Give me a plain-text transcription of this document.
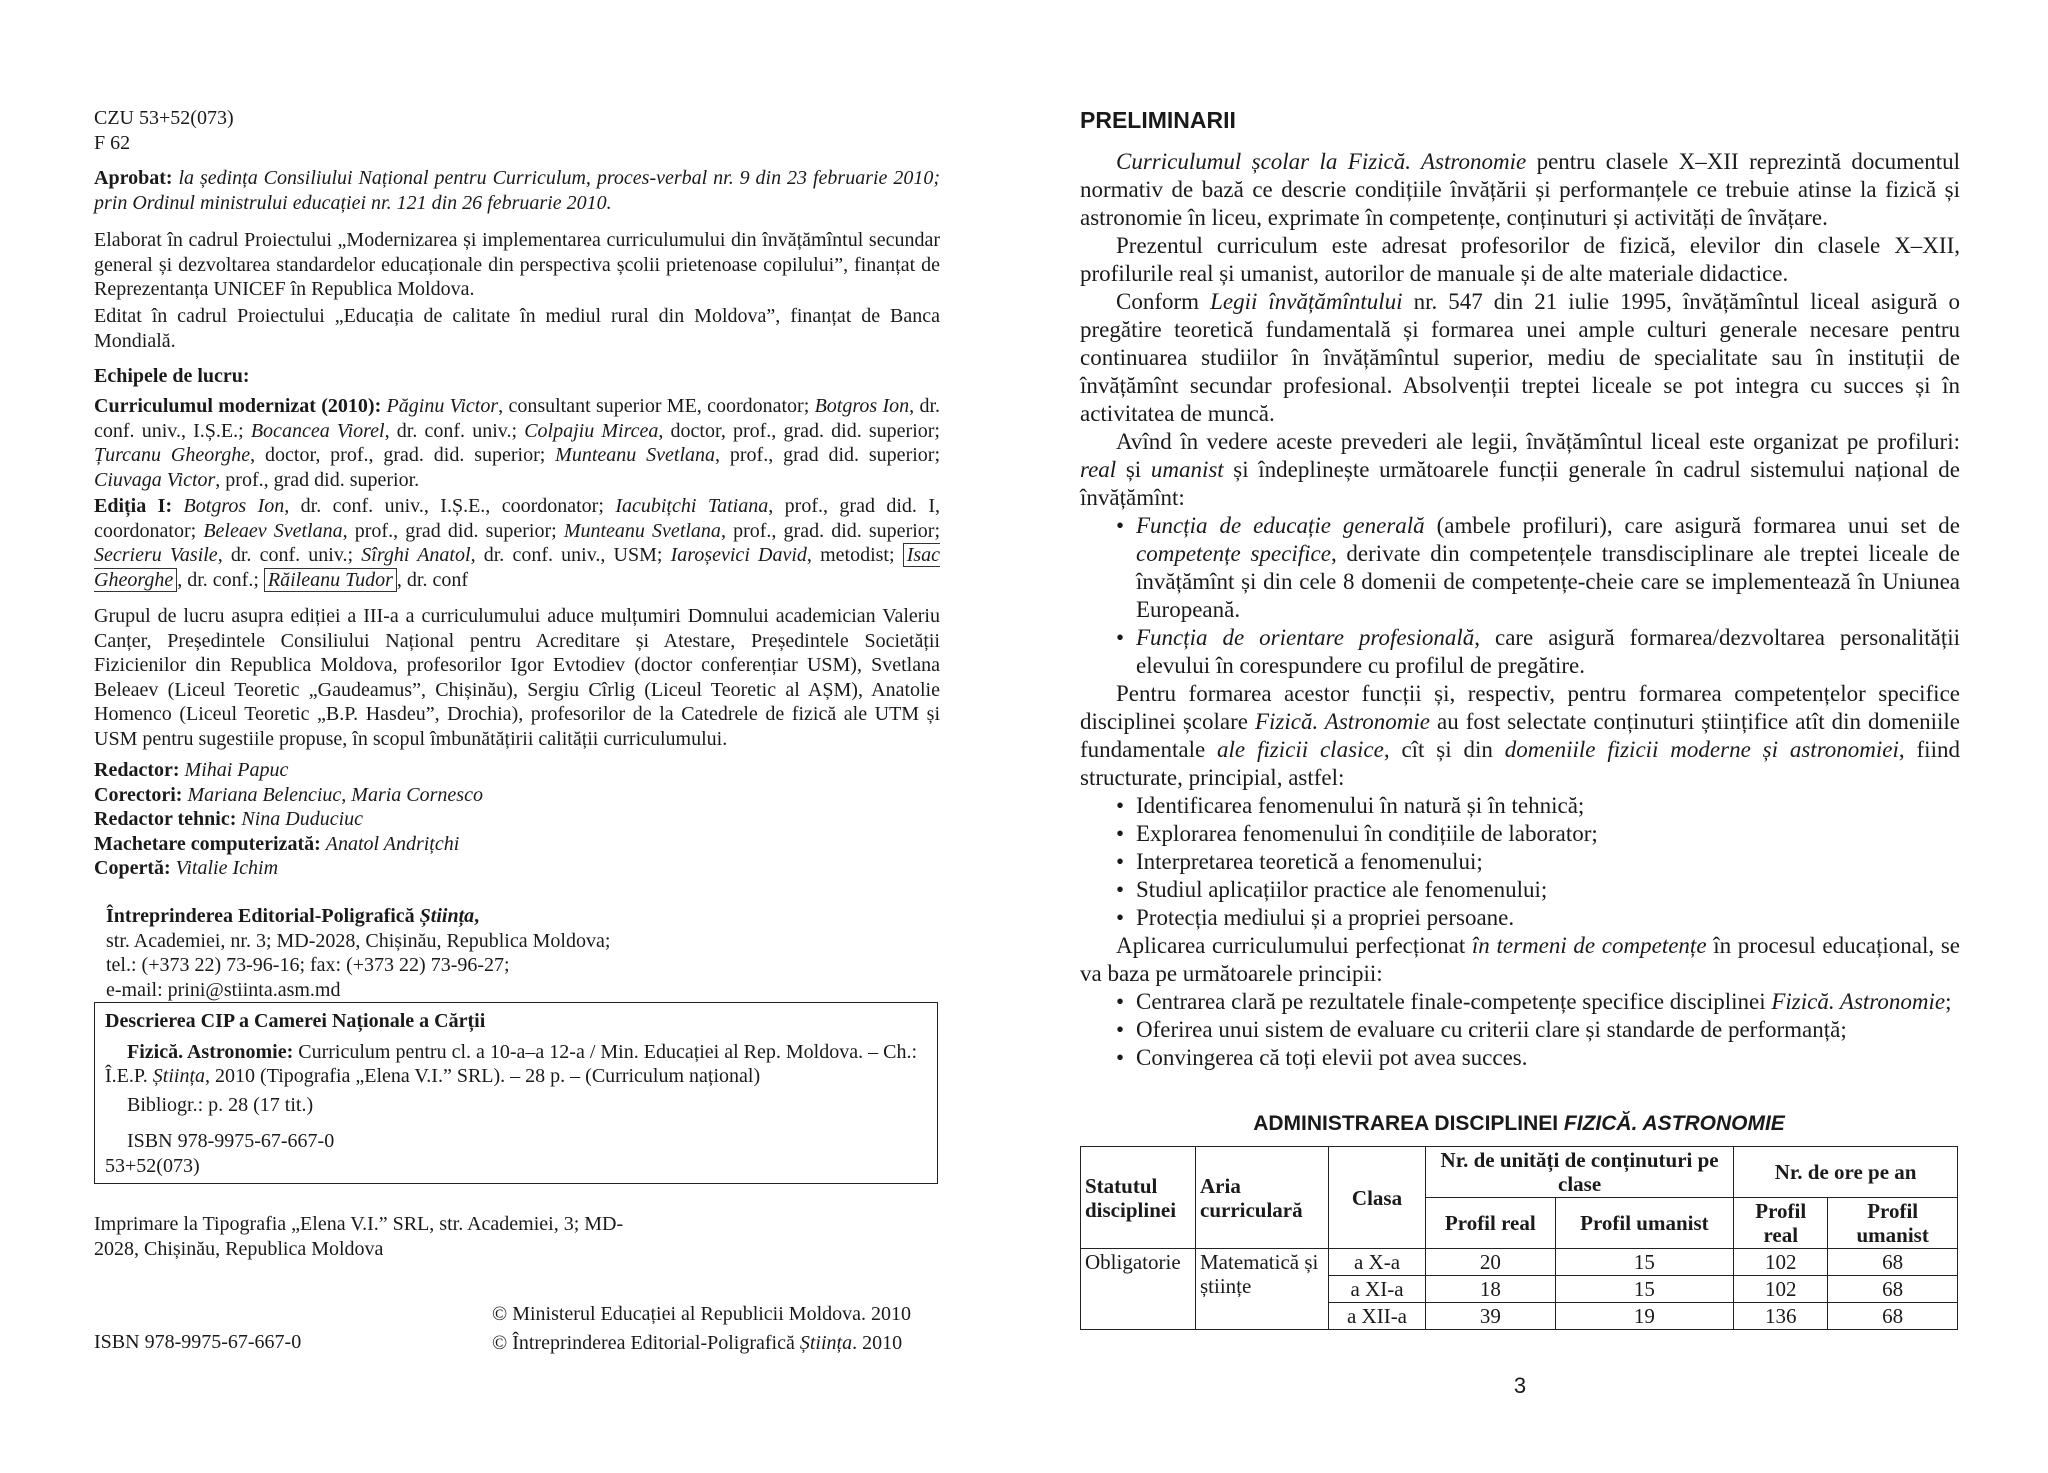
CZU 53+52(073)
F 62

Aprobat: la ședința Consiliului Național pentru Curriculum, proces-verbal nr. 9 din 23 februarie 2010; prin Ordinul ministrului educației nr. 121 din 26 februarie 2010.

Elaborat în cadrul Proiectului „Modernizarea și implementarea curriculumului din învățămîntul secundar general și dezvoltarea standardelor educaționale din perspectiva școlii prietenoase copilului”, finanțat de Reprezentanța UNICEF în Republica Moldova.

Editat în cadrul Proiectului „Educația de calitate în mediul rural din Moldova”, finanțat de Banca Mondială.

Echipele de lucru:

Curriculumul modernizat (2010): Păginu Victor, consultant superior ME, coordonator; Botgros Ion, dr. conf. univ., I.Ș.E.; Bocancea Viorel, dr. conf. univ.; Colpajiu Mircea, doctor, prof., grad. did. superior; Țurcanu Gheorghe, doctor, prof., grad. did. superior; Munteanu Svetlana, prof., grad did. superior; Ciuvaga Victor, prof., grad did. superior.

Ediția I: Botgros Ion, dr. conf. univ., I.Ș.E., coordonator; Iacubițchi Tatiana, prof., grad did. I, coordonator; Beleaev Svetlana, prof., grad did. superior; Munteanu Svetlana, prof., grad. did. superior; Secrieru Vasile, dr. conf. univ.; Sîrghi Anatol, dr. conf. univ., USM; Iaroșevici David, metodist; Isac Gheorghe , dr. conf.; Răileanu Tudor , dr. conf

Grupul de lucru asupra ediției a III-a a curriculumului aduce mulțumiri Domnului academician Valeriu Canțer, Președintele Consiliului Național pentru Acreditare și Atestare, Președintele Societății Fizicienilor din Republica Moldova, profesorilor Igor Evtodiev (doctor conferențiar USM), Svetlana Beleaev (Liceul Teoretic „Gaudeamus”, Chișinău), Sergiu Cîrlig (Liceul Teoretic al AȘM), Anatolie Homenco (Liceul Teoretic „B.P. Hasdeu”, Drochia), profesorilor de la Catedrele de fizică ale UTM și USM pentru sugestiile propuse, în scopul îmbunătățirii calității curriculumului.

Redactor: Mihai Papuc
Corectori: Mariana Belenciuc, Maria Cornesco
Redactor tehnic: Nina Duduciuc
Machetare computerizată: Anatol Andrițchi
Copertă: Vitalie Ichim
Întreprinderea Editorial-Poligrafică Știința,
str. Academiei, nr. 3; MD-2028, Chișinău, Republica Moldova;
tel.: (+373 22) 73-96-16; fax: (+373 22) 73-96-27;
e-mail: prini@stiinta.asm.md
Descrierea CIP a Camerei Naționale a Cărții

Fizică. Astronomie: Curriculum pentru cl. a 10-a–a 12-a / Min. Educației al Rep. Moldova. – Ch.: Î.E.P. Știința, 2010 (Tipografia „Elena V.I.” SRL). – 28 p. – (Curriculum național)

Bibliogr.: p. 28 (17 tit.)
ISBN 978-9975-67-667-0
53+52(073)

Imprimare la Tipografia „Elena V.I.” SRL, str. Academiei, 3; MD-2028, Chișinău, Republica Moldova

© Ministerul Educației al Republicii Moldova. 2010
© Întreprinderea Editorial-Poligrafică Știința. 2010
ISBN 978-9975-67-667-0
PRELIMINARII

Curriculumul școlar la Fizică. Astronomie pentru clasele X–XII reprezintă documentul normativ de bază ce descrie condițiile învățării și performanțele ce trebuie atinse la fizică și astronomie în liceu, exprimate în competențe, conținuturi și activități de învățare.

Prezentul curriculum este adresat profesorilor de fizică, elevilor din clasele X–XII, profilurile real și umanist, autorilor de manuale și de alte materiale didactice.

Conform Legii învățămîntului nr. 547 din 21 iulie 1995, învățămîntul liceal asigură o pregătire teoretică fundamentală și formarea unei ample culturi generale necesare pentru continuarea studiilor în învățămîntul superior, mediu de specialitate sau în instituții de învățămînt secundar profesional. Absolvenții treptei liceale se pot integra cu succes și în activitatea de muncă.

Avînd în vedere aceste prevederi ale legii, învățămîntul liceal este organizat pe profiluri: real și umanist și îndeplinește următoarele funcții generale în cadrul sistemului național de învățămînt:

• Funcția de educație generală (ambele profiluri), care asigură formarea unui set de competențe specifice, derivate din competențele transdisciplinare ale treptei liceale de învățămînt și din cele 8 domenii de competențe-cheie care se implementează în Uniunea Europeană.
• Funcția de orientare profesională, care asigură formarea/dezvoltarea personalității elevului în corespundere cu profilul de pregătire.

Pentru formarea acestor funcții și, respectiv, pentru formarea competențelor specifice disciplinei școlare Fizică. Astronomie au fost selectate conținuturi științifice atît din domeniile fundamentale ale fizicii clasice, cît și din domeniile fizicii moderne și astronomiei, fiind structurate, principial, astfel:

• Identificarea fenomenului în natură și în tehnică;
• Explorarea fenomenului în condițiile de laborator;
• Interpretarea teoretică a fenomenului;
• Studiul aplicațiilor practice ale fenomenului;
• Protecția mediului și a propriei persoane.

Aplicarea curriculumului perfecționat în termeni de competențe în procesul educațional, se va baza pe următoarele principii:

• Centrarea clară pe rezultatele finale-competențe specifice disciplinei Fizică. Astronomie;
• Oferirea unui sistem de evaluare cu criterii clare și standarde de performanță;
• Convingerea că toți elevii pot avea succes.
ADMINISTRAREA DISCIPLINEI FIZICĂ. ASTRONOMIE
Statutul disciplinei	Aria curriculară	Clasa	Nr. de unități de conținuturi pe clase		Nr. de ore pe an	
			Profil real	Profil umanist	Profil real	Profil umanist
Obligatorie	Matematică și științe	a X-a	20	15	102	68
		a XI-a	18	15	102	68
		a XII-a	39	19	136	68
3
